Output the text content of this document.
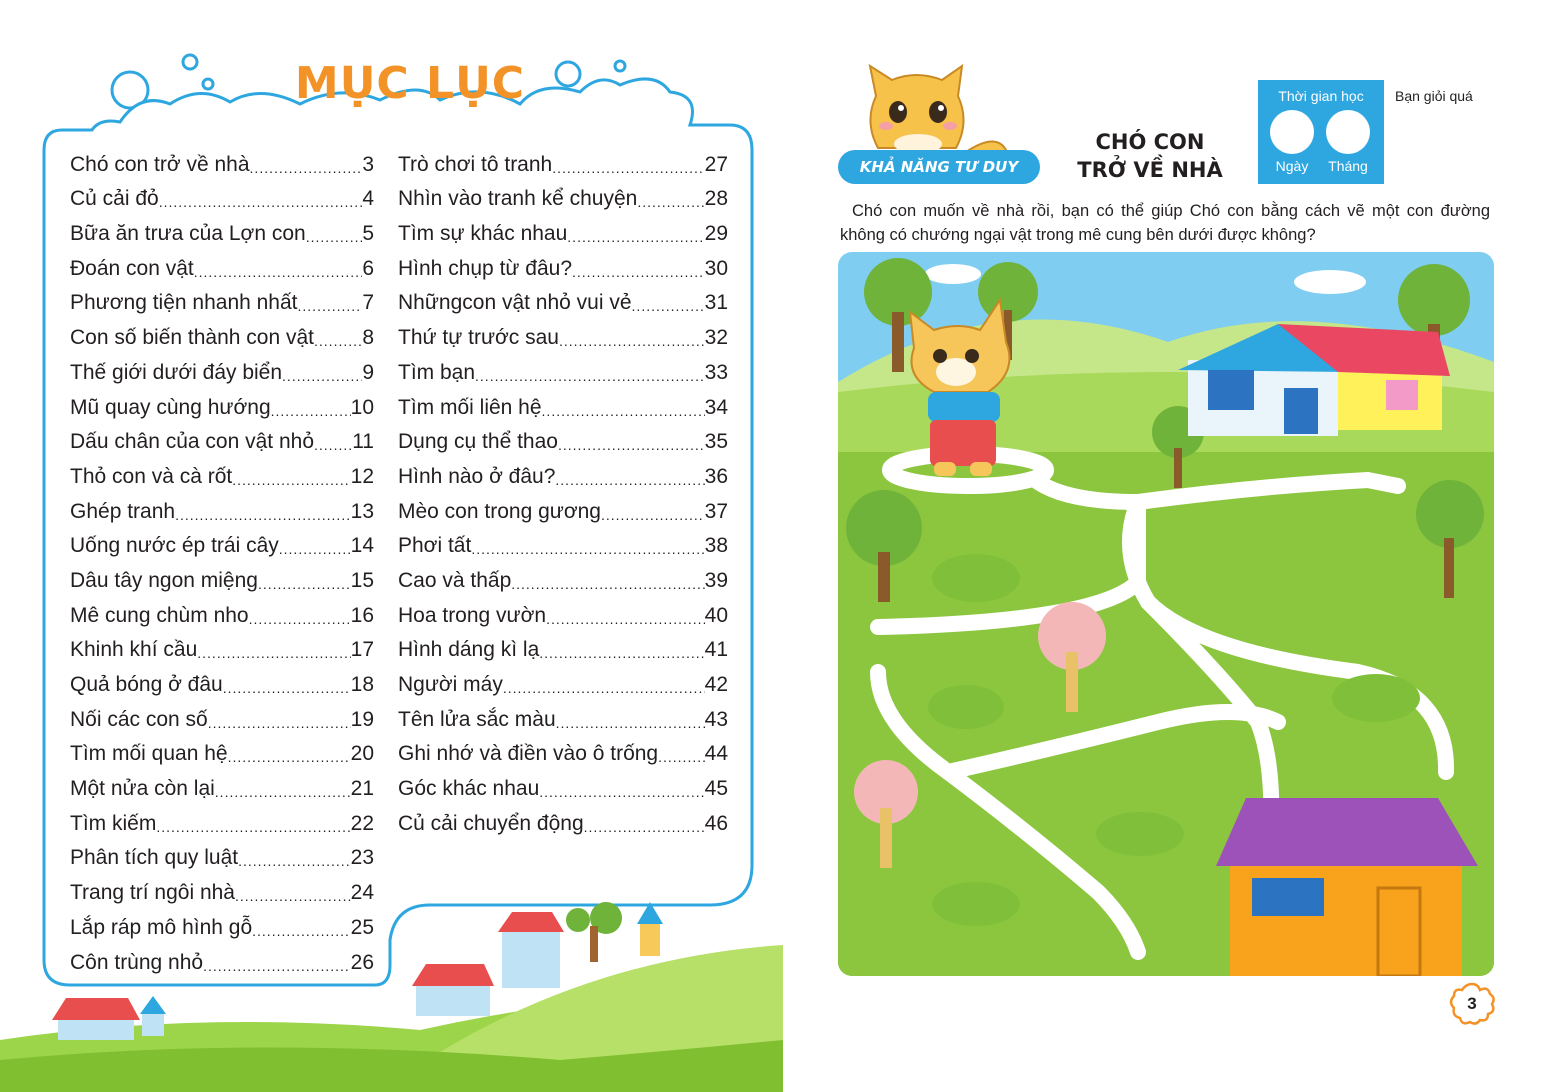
MỤC LỤC
Chó con trở về nhà .....	3
Củ cải đỏ .....	4
Bữa ăn trưa của Lợn con .....	5
Đoán con vật .....	6
Phương tiện nhanh nhất .....	7
Con số biến thành con vật ..... 8
Thế giới dưới đáy biển .....	9
Mũ quay cùng hướng .....	10
Dấu chân của con vật nhỏ ..... 11
Thỏ con và cà rốt .....	12
Ghép tranh .....	13
Uống nước ép trái cây .....	14
Dâu tây ngon miệng .....	15
Mê cung chùm nho .....	16
Khinh khí cầu .....	17
Quả bóng ở đâu .....	18
Nối các con số .....	19
Tìm mối quan hệ .....	20
Một nửa còn lại .....	21
Tìm kiếm .....	22
Phân tích quy luật .....	23
Trang trí ngôi nhà .....	24
Lắp ráp mô hình gỗ .....	25
Côn trùng nhỏ .....	26
Trò chơi tô tranh .....	27
Nhìn vào tranh kể chuyện .....	28
Tìm sự khác nhau .....	29
Hình chụp từ đâu? .....	30
Nhữngcon vật nhỏ vui vẻ .....	31
Thứ tự trước sau .....	32
Tìm bạn .....	33
Tìm mối liên hệ .....	34
Dụng cụ thể thao .....	35
Hình nào ở đâu? .....	36
Mèo con trong gương .....	37
Phơi tất .....	38
Cao và thấp .....	39
Hoa trong vườn .....	40
Hình dáng kì lạ .....	41
Người máy .....	42
Tên lửa sắc màu .....	43
Ghi nhớ và điền vào ô trống ..... 44
Góc khác nhau .....	45
Củ cải chuyển động .....	46
KHẢ NĂNG TƯ DUY
CHÓ CON
TRỞ VỀ NHÀ
Thời gian học
Ngày	Tháng
Bạn giỏi quá
Chó con muốn về nhà rồi, bạn có thể giúp Chó con bằng cách vẽ một con đường không có chướng ngại vật trong mê cung bên dưới được không?
3
